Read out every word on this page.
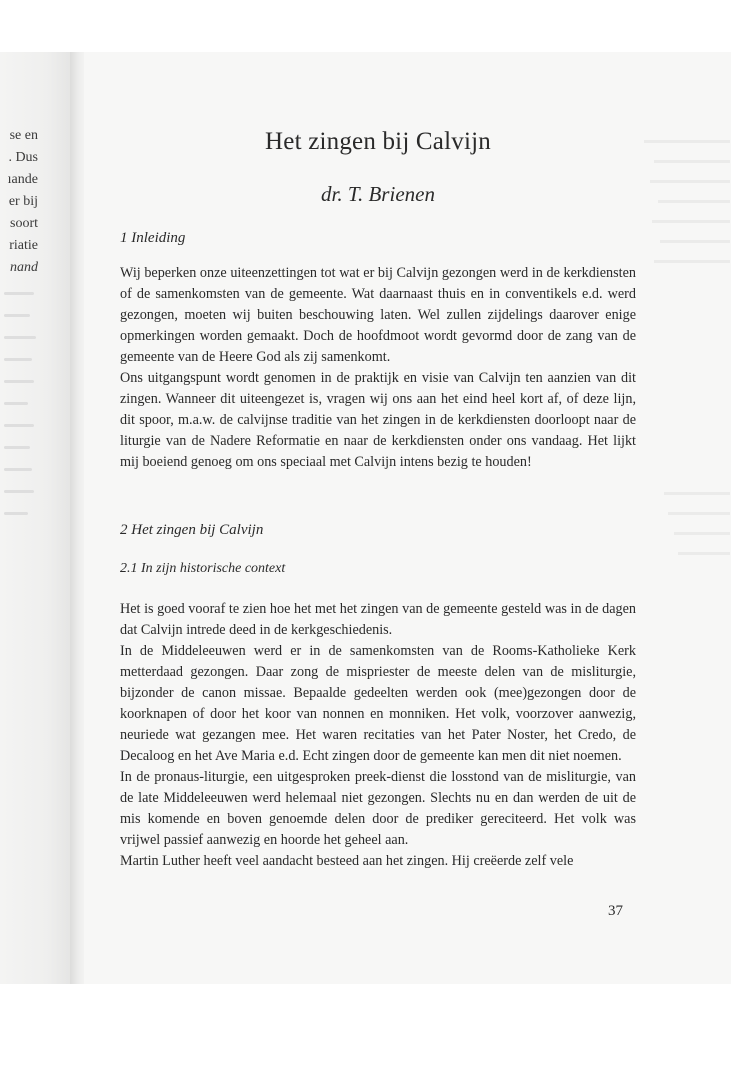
se en
. Dus
ıande
er bij
soort
riatie
nand
Het zingen bij Calvijn
dr. T. Brienen
1 Inleiding

Wij beperken onze uiteenzettingen tot wat er bij Calvijn gezongen werd in de kerkdiensten of de samenkomsten van de gemeente. Wat daarnaast thuis en in conventikels e.d. werd gezongen, moeten wij buiten beschouwing laten. Wel zullen zijdelings daarover enige opmerkingen worden gemaakt. Doch de hoofdmoot wordt gevormd door de zang van de gemeente van de Heere God als zij samenkomt.

Ons uitgangspunt wordt genomen in de praktijk en visie van Calvijn ten aanzien van dit zingen. Wanneer dit uiteengezet is, vragen wij ons aan het eind heel kort af, of deze lijn, dit spoor, m.a.w. de calvijnse traditie van het zingen in de kerkdiensten doorloopt naar de liturgie van de Nadere Reformatie en naar de kerkdiensten onder ons vandaag. Het lijkt mij boeiend genoeg om ons speciaal met Calvijn intens bezig te houden!

2 Het zingen bij Calvijn
2.1 In zijn historische context

Het is goed vooraf te zien hoe het met het zingen van de gemeente gesteld was in de dagen dat Calvijn intrede deed in de kerkgeschiedenis.

In de Middeleeuwen werd er in de samenkomsten van de Rooms-Katholieke Kerk metterdaad gezongen. Daar zong de mispriester de meeste delen van de misliturgie, bijzonder de canon missae. Bepaalde gedeelten werden ook (mee)gezongen door de koorknapen of door het koor van nonnen en monniken. Het volk, voorzover aanwezig, neuriede wat gezangen mee. Het waren recitaties van het Pater Noster, het Credo, de Decaloog en het Ave Maria e.d. Echt zingen door de gemeente kan men dit niet noemen.

In de pronaus-liturgie, een uitgesproken preek-dienst die losstond van de misliturgie, van de late Middeleeuwen werd helemaal niet gezongen. Slechts nu en dan werden de uit de mis komende en boven genoemde delen door de prediker gereciteerd. Het volk was vrijwel passief aanwezig en hoorde het geheel aan.

Martin Luther heeft veel aandacht besteed aan het zingen. Hij creëerde zelf vele

37
